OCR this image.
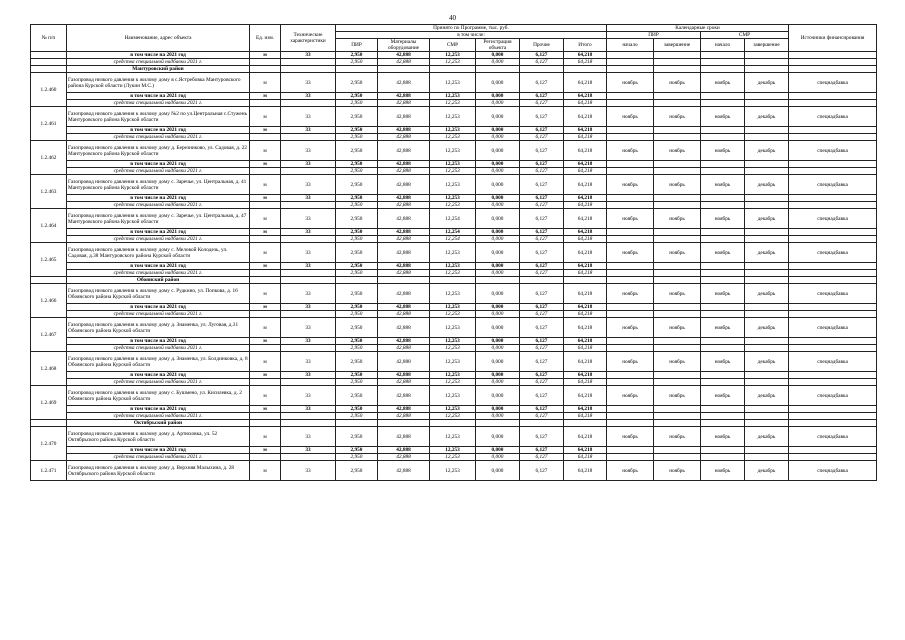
40
№ п/п	Наименование, адрес объекта	Ед. изм.	Технические характеристики	Принято по Программе, тыс. руб.						Календарные сроки				Источники финансирования
				в том числе:						ПИР		СМР		
				ПИР	Материалы оборудование	СМР	Регистрация объекта	Прочие	Итого	начало	завершение	начало	завершение	
	в том числе на 2021 год	м	33	2,950	42,888	12,253	0,000	6,127	64,218					
	средства специальной надбавки 2021 г.			2,950	42,888	12,253	0,000	6,127	64,218					
	Мантуровский район													
1.2.460	Газопровод низкого давления к жилому дому в с.Ястребовка Мантуровского района Курской области (Лукин М.С.)	м	33	2,950	42,888	12,253	0,000	6,127	64,218	ноябрь	ноябрь	ноябрь	декабрь	спецнадбавка
	в том числе на 2021 год	м	33	2,950	42,888	12,253	0,000	6,127	64,218					
	средства специальной надбавки 2021 г.			2,950	42,888	12,253	0,000	6,127	64,218					
1.2.461	Газопровод низкого давления к жилому дому №2 по ул.Центральная с.Стужень Мантуровского района Курской области	м	33	2,950	42,888	12,253	0,000	6,127	64,218	ноябрь	ноябрь	ноябрь	декабрь	спецнадбавка
	в том числе на 2021 год	м	33	2,950	42,888	12,253	0,000	6,127	64,218					
	средства специальной надбавки 2021 г.			2,950	42,888	12,253	0,000	6,127	64,218					
1.2.462	Газопровод низкого давления к жилому дому д. Березниково, ул. Садовая, д. 22 Мантуровского района Курской области	м	33	2,950	42,888	12,253	0,000	6,127	64,218	ноябрь	ноябрь	ноябрь	декабрь	спецнадбавка
	в том числе на 2021 год	м	33	2,950	42,888	12,253	0,000	6,127	64,218					
	средства специальной надбавки 2021 г.			2,950	42,888	12,253	0,000	6,127	64,218					
1.2.463	Газопровод низкого давления к жилому дому с. Заречье, ул. Центральная, д. 41 Мантуровского района Курской области	м	33	2,950	42,888	12,253	0,000	6,127	64,218	ноябрь	ноябрь	ноябрь	декабрь	спецнадбавка
	в том числе на 2021 год	м	33	2,950	42,888	12,253	0,000	6,127	64,218					
	средства специальной надбавки 2021 г.			2,950	42,888	12,253	0,000	6,127	64,218					
1.2.464	Газопровод низкого давления к жилому дому с. Заречье, ул. Центральная, д. 47 Мантуровского района Курской области	м	33	2,950	42,888	12,254	0,000	6,127	64,218	ноябрь	ноябрь	ноябрь	декабрь	спецнадбавка
	в том числе на 2021 год	м	33	2,950	42,888	12,254	0,000	6,127	64,218					
	средства специальной надбавки 2021 г.			2,950	42,888	12,254	0,000	6,127	64,218					
1.2.465	Газопровод низкого давления к жилому дому с. Меловой Колодезь, ул. Садовая, д.38 Мантуровского района Курской области	м	33	2,950	42,888	12,253	0,000	6,127	64,218	ноябрь	ноябрь	ноябрь	декабрь	спецнадбавка
	в том числе на 2021 год	м	33	2,950	42,888	12,253	0,000	6,127	64,218					
	средства специальной надбавки 2021 г.			2,950	42,888	12,253	0,000	6,127	64,218					
	Обоянский район													
1.2.466	Газопровод низкого давления к жилому дому с. Рудкино, ул. Попкова, д. 16 Обоянского района Курской области	м	33	2,950	42,888	12,253	0,000	6,127	64,218	ноябрь	ноябрь	ноябрь	декабрь	спецнадбавка
	в том числе на 2021 год	м	33	2,950	42,888	12,253	0,000	6,127	64,218					
	средства специальной надбавки 2021 г.			2,950	42,888	12,253	0,000	6,127	64,218					
1.2.467	Газопровод низкого давления к жилому дому д. Знаменка, ул. Луговая, д.31 Обоянского района Курской области	м	33	2,950	42,888	12,253	0,000	6,127	64,218	ноябрь	ноябрь	ноябрь	декабрь	спецнадбавка
	в том числе на 2021 год	м	33	2,950	42,888	12,253	0,000	6,127	64,218					
	средства специальной надбавки 2021 г.			2,950	42,888	12,253	0,000	6,127	64,218					
1.2.468	Газопровод низкого давления к жилому дому д. Знаменка, ул. Болдинковка, д. 8 Обоянского района Курской области	м	33	2,950	42,888	12,253	0,000	6,127	64,218	ноябрь	ноябрь	ноябрь	декабрь	спецнадбавка
	в том числе на 2021 год	м	33	2,950	42,888	12,253	0,000	6,127	64,218					
	средства специальной надбавки 2021 г.			2,950	42,888	12,253	0,000	6,127	64,218					
1.2.469	Газопровод низкого давления к жилому дому с. Бушмено, ул. Кисилевка, д. 2 Обоянского района Курской области	м	33	2,950	42,888	12,253	0,000	6,127	64,218	ноябрь	ноябрь	ноябрь	декабрь	спецнадбавка
	в том числе на 2021 год	м	33	2,950	42,888	12,253	0,000	6,127	64,218					
	средства специальной надбавки 2021 г.			2,950	42,888	12,253	0,000	6,127	64,218					
	Октябрьский район													
1.2.470	Газопровод низкого давления к жилому дому д. Артюховка, ул. 52 Октябрьского района Курской области	м	33	2,950	42,888	12,253	0,000	6,127	64,218	ноябрь	ноябрь	ноябрь	декабрь	спецнадбавка
	в том числе на 2021 год	м	33	2,950	42,888	12,253	0,000	6,127	64,218					
	средства специальной надбавки 2021 г.			2,950	42,888	12,253	0,000	6,127	64,218					
1.2.471	Газопровод низкого давления к жилому дому д. Верхняя Малыхина, д. 28 Октябрьского района Курской области	м	33	2,950	42,888	12,253	0,000	6,127	64,218	ноябрь	ноябрь	ноябрь	декабрь	спецнадбавка
